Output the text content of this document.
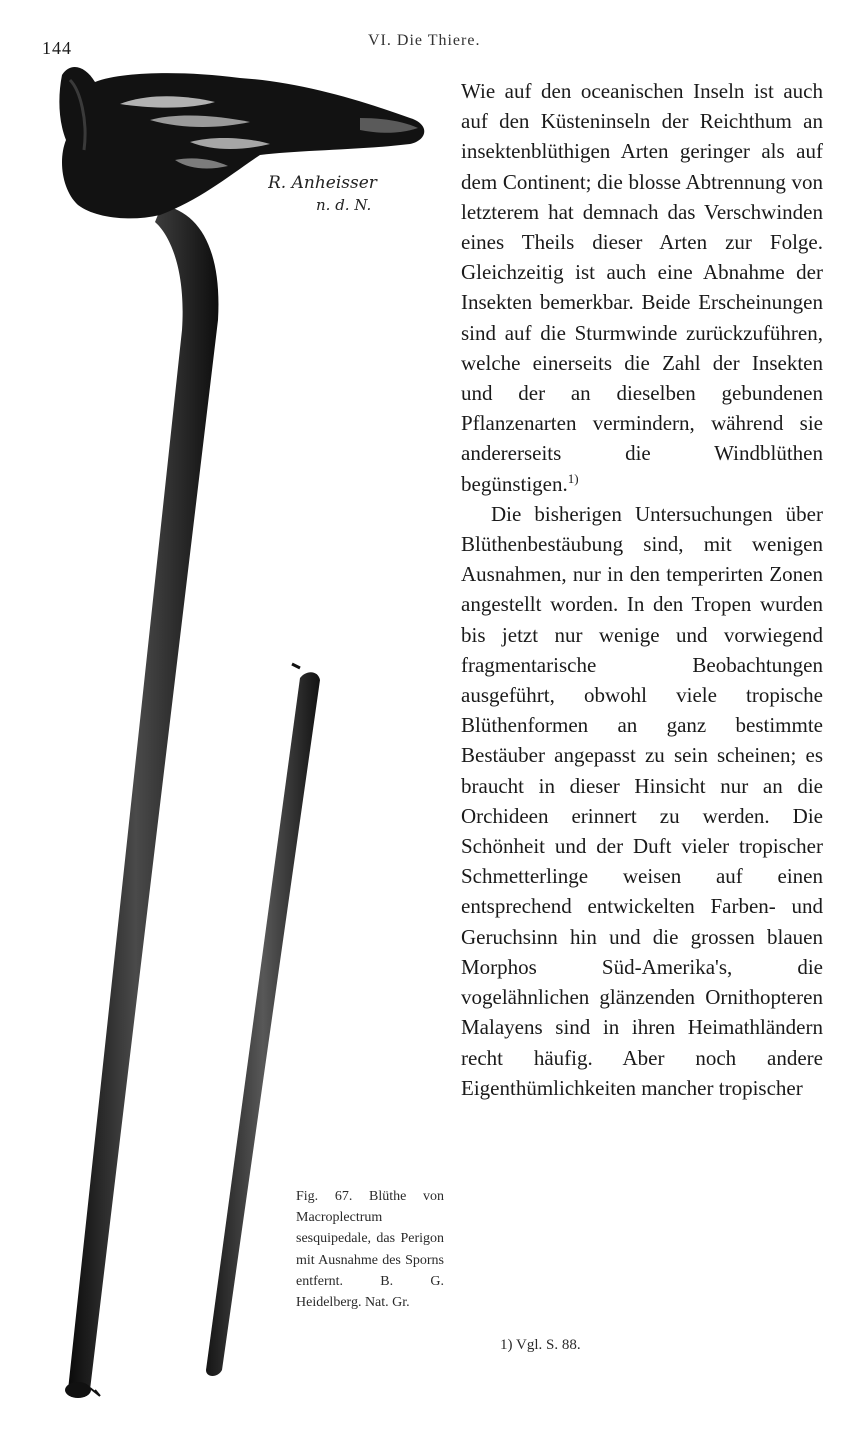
144	VI. Die Thiere.
R. Anheisser
n. d. N.

Wie auf den oceanischen Inseln ist auch auf den Küsteninseln der Reichthum an insektenblüthigen Arten geringer als auf dem Continent; die blosse Abtrennung von letzterem hat demnach das Verschwinden eines Theils dieser Arten zur Folge. Gleichzeitig ist auch eine Abnahme der Insekten bemerkbar. Beide Erscheinungen sind auf die Sturmwinde zurückzuführen, welche einerseits die Zahl der Insekten und der an dieselben gebundenen Pflanzenarten vermindern, während sie andererseits die Windblüthen begünstigen.$^{1)}$

Die bisherigen Untersuchungen über Blüthenbestäubung sind, mit wenigen Ausnahmen, nur in den temperirten Zonen angestellt worden. In den Tropen wurden bis jetzt nur wenige und vorwiegend fragmentarische Beobachtungen ausgeführt, obwohl viele tropische Blüthenformen an ganz bestimmte Bestäuber angepasst zu sein scheinen; es braucht in dieser Hinsicht nur an die Orchideen erinnert zu werden. Die Schönheit und der Duft vieler tropischer Schmetterlinge weisen auf einen entsprechend entwickelten Farben- und Geruchsinn hin und die grossen blauen Morphos Süd-Amerika's, die vogelähnlichen glänzenden Ornithopteren Malayens sind in ihren Heimathländern recht häufig. Aber noch andere Eigenthümlichkeiten mancher tropischer

Fig. 67. Blüthe von Macroplectrum sesquipedale, das Perigon mit Ausnahme des Sporns entfernt. B. G. Heidelberg. Nat. Gr.

1) Vgl. S. 88.
